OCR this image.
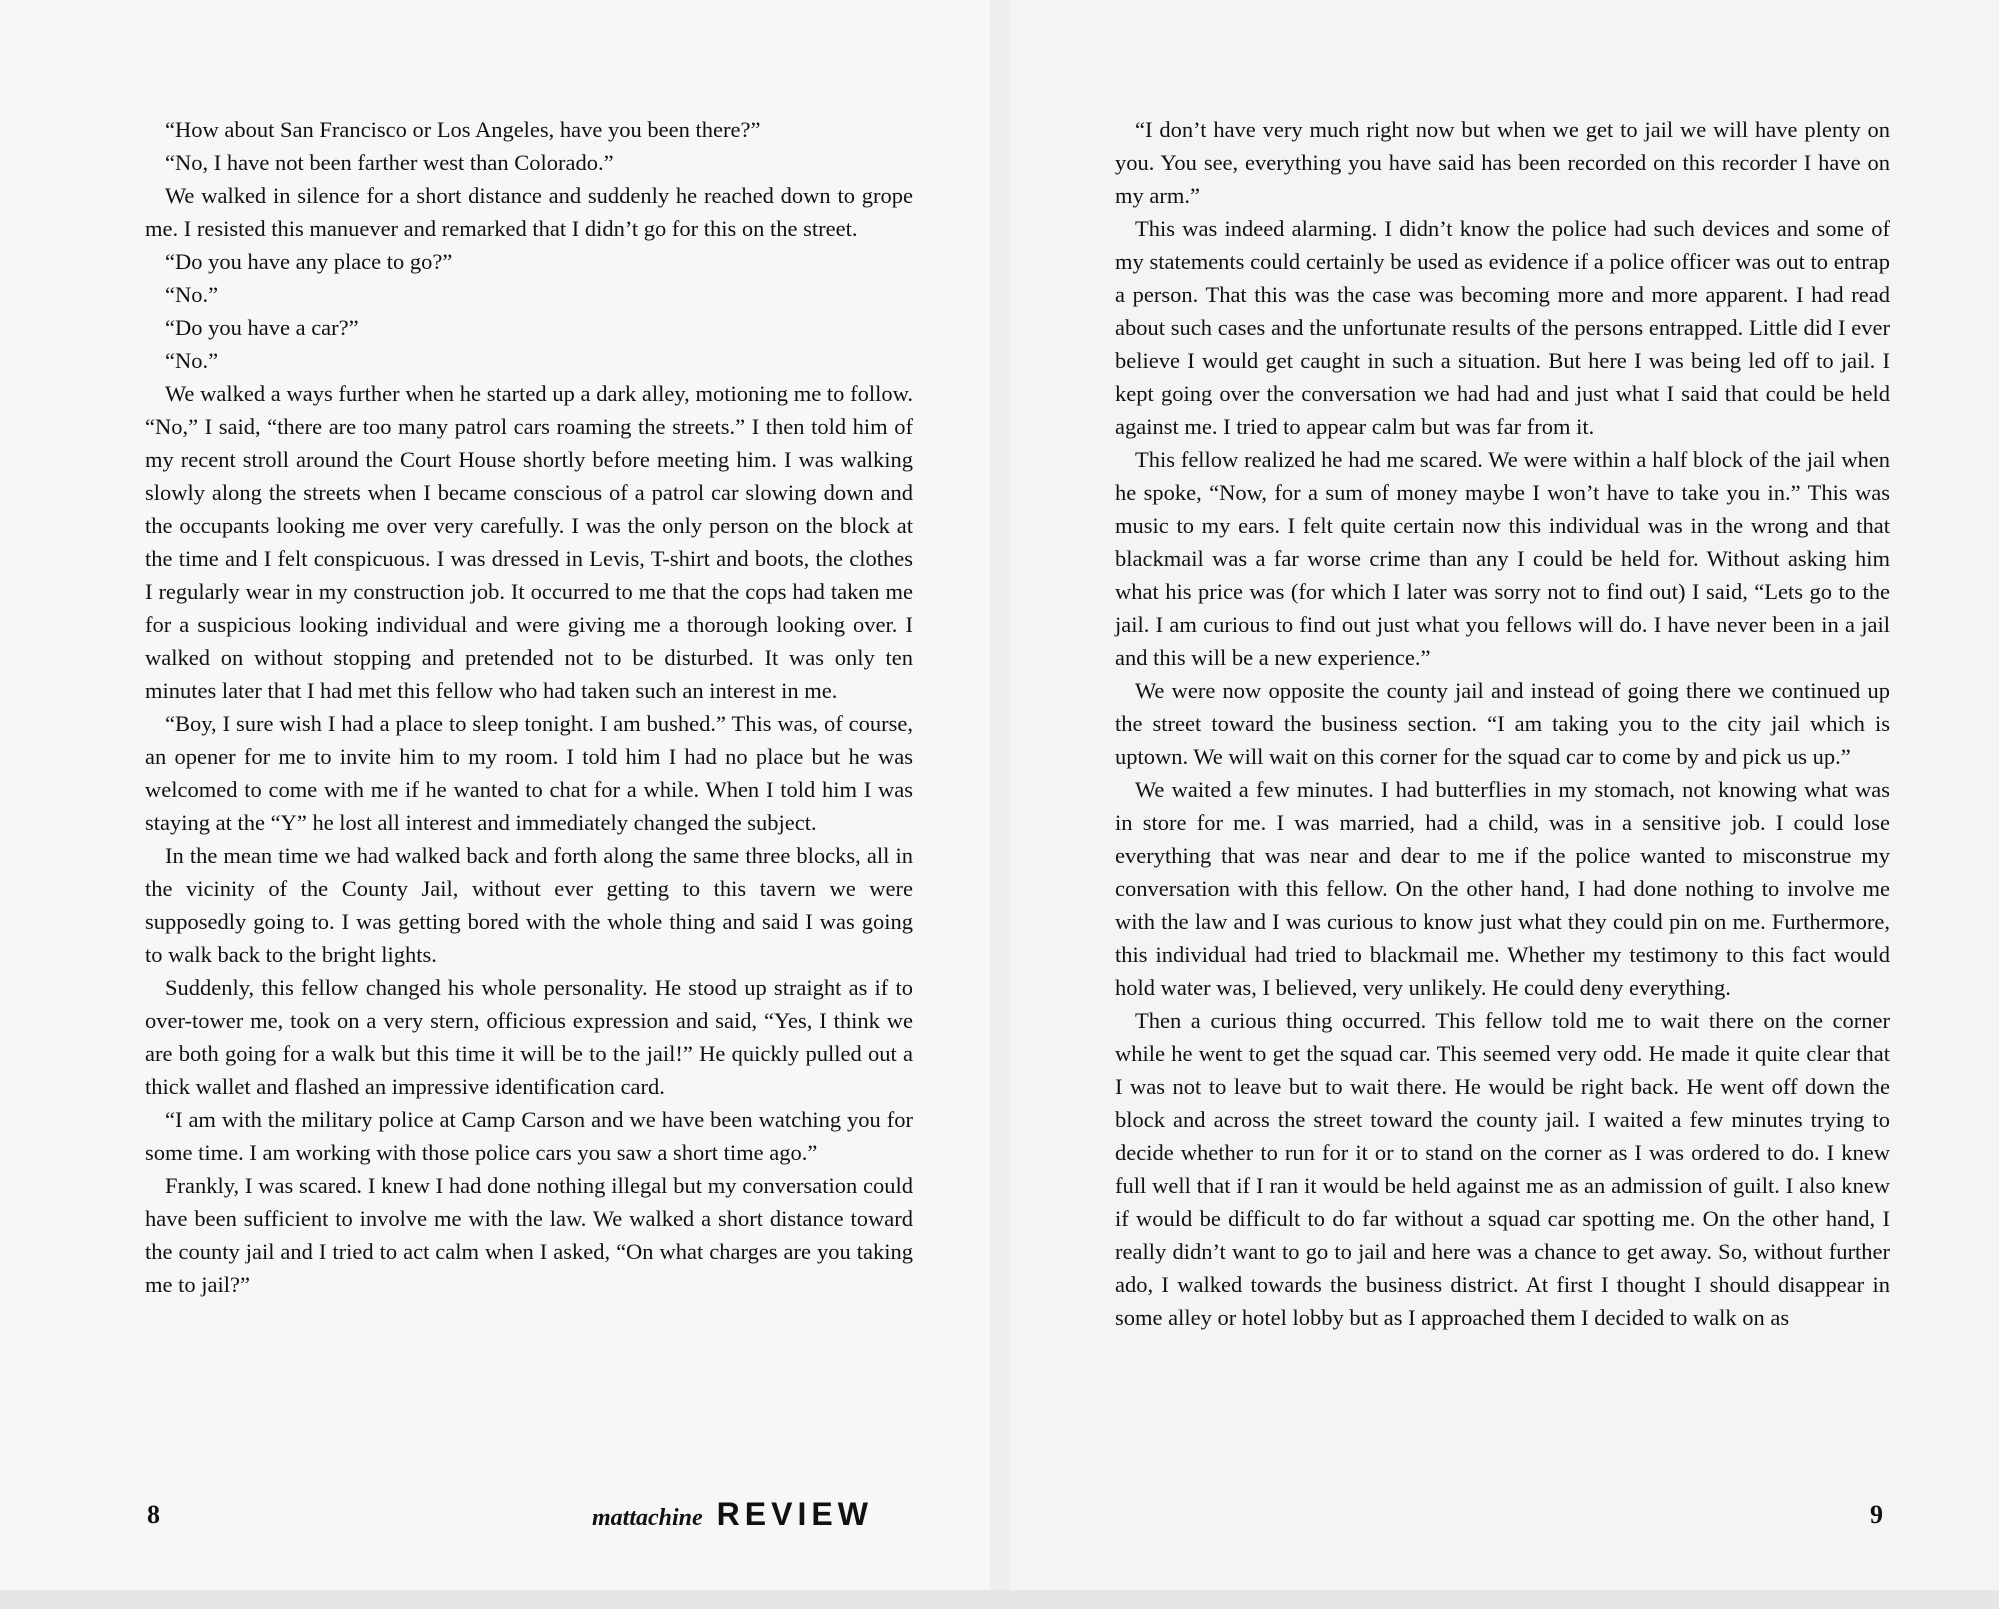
“How about San Francisco or Los Angeles, have you been there?”

“No, I have not been farther west than Colorado.”

We walked in silence for a short distance and suddenly he reached down to grope me. I resisted this manuever and remarked that I didn’t go for this on the street.

“Do you have any place to go?”

“No.”

“Do you have a car?”

“No.”

We walked a ways further when he started up a dark alley, motioning me to follow. “No,” I said, “there are too many patrol cars roaming the streets.” I then told him of my recent stroll around the Court House shortly before meeting him. I was walking slowly along the streets when I became conscious of a patrol car slowing down and the occupants looking me over very carefully. I was the only person on the block at the time and I felt conspicuous. I was dressed in Levis, T-shirt and boots, the clothes I regularly wear in my construction job. It occurred to me that the cops had taken me for a suspicious looking individual and were giving me a thorough looking over. I walked on without stopping and pretended not to be disturbed. It was only ten minutes later that I had met this fellow who had taken such an interest in me.

“Boy, I sure wish I had a place to sleep tonight. I am bushed.” This was, of course, an opener for me to invite him to my room. I told him I had no place but he was welcomed to come with me if he wanted to chat for a while. When I told him I was staying at the “Y” he lost all interest and immediately changed the subject.

In the mean time we had walked back and forth along the same three blocks, all in the vicinity of the County Jail, without ever getting to this tavern we were supposedly going to. I was getting bored with the whole thing and said I was going to walk back to the bright lights.

Suddenly, this fellow changed his whole personality. He stood up straight as if to over-tower me, took on a very stern, officious expression and said, “Yes, I think we are both going for a walk but this time it will be to the jail!” He quickly pulled out a thick wallet and flashed an impressive identification card.

“I am with the military police at Camp Carson and we have been watching you for some time. I am working with those police cars you saw a short time ago.”

Frankly, I was scared. I knew I had done nothing illegal but my conversation could have been sufficient to involve me with the law. We walked a short distance toward the county jail and I tried to act calm when I asked, “On what charges are you taking me to jail?”

8	mattachine REVIEW

“I don’t have very much right now but when we get to jail we will have plenty on you. You see, everything you have said has been recorded on this recorder I have on my arm.”

This was indeed alarming. I didn’t know the police had such devices and some of my statements could certainly be used as evidence if a police officer was out to entrap a person. That this was the case was becoming more and more apparent. I had read about such cases and the unfortunate results of the persons entrapped. Little did I ever believe I would get caught in such a situation. But here I was being led off to jail. I kept going over the conversation we had had and just what I said that could be held against me. I tried to appear calm but was far from it.

This fellow realized he had me scared. We were within a half block of the jail when he spoke, “Now, for a sum of money maybe I won’t have to take you in.” This was music to my ears. I felt quite certain now this individual was in the wrong and that blackmail was a far worse crime than any I could be held for. Without asking him what his price was (for which I later was sorry not to find out) I said, “Lets go to the jail. I am curious to find out just what you fellows will do. I have never been in a jail and this will be a new experience.”

We were now opposite the county jail and instead of going there we continued up the street toward the business section. “I am taking you to the city jail which is uptown. We will wait on this corner for the squad car to come by and pick us up.”

We waited a few minutes. I had butterflies in my stomach, not knowing what was in store for me. I was married, had a child, was in a sensitive job. I could lose everything that was near and dear to me if the police wanted to misconstrue my conversation with this fellow. On the other hand, I had done nothing to involve me with the law and I was curious to know just what they could pin on me. Furthermore, this individual had tried to blackmail me. Whether my testimony to this fact would hold water was, I believed, very unlikely. He could deny everything.

Then a curious thing occurred. This fellow told me to wait there on the corner while he went to get the squad car. This seemed very odd. He made it quite clear that I was not to leave but to wait there. He would be right back. He went off down the block and across the street toward the county jail. I waited a few minutes trying to decide whether to run for it or to stand on the corner as I was ordered to do. I knew full well that if I ran it would be held against me as an admission of guilt. I also knew if would be difficult to do far without a squad car spotting me. On the other hand, I really didn’t want to go to jail and here was a chance to get away. So, without further ado, I walked towards the business district. At first I thought I should disappear in some alley or hotel lobby but as I approached them I decided to walk on as

9
